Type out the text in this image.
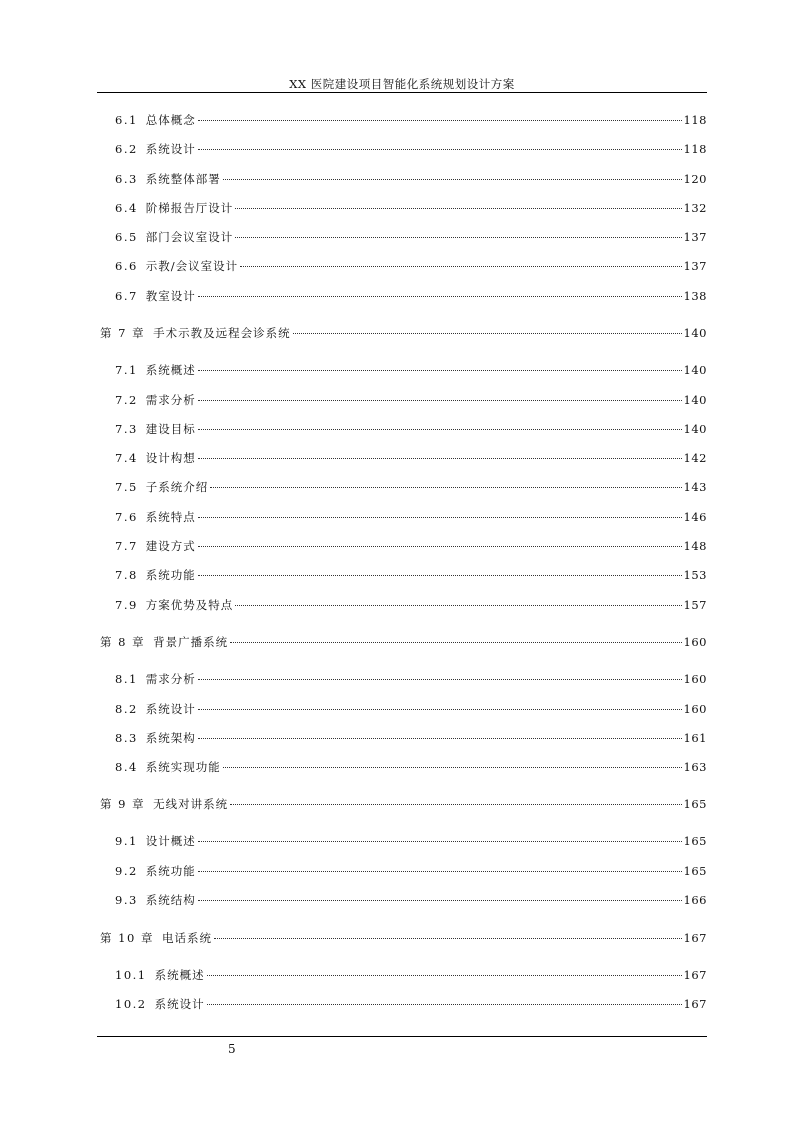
XX 医院建设项目智能化系统规划设计方案
6.1 总体概念	118
6.2 系统设计	118
6.3 系统整体部署	120
6.4 阶梯报告厅设计	132
6.5 部门会议室设计	137
6.6 示教/会议室设计	137
6.7 教室设计	138
第 7 章 手术示教及远程会诊系统	140
7.1 系统概述	140
7.2 需求分析	140
7.3 建设目标	140
7.4 设计构想	142
7.5 子系统介绍	143
7.6 系统特点	146
7.7 建设方式	148
7.8 系统功能	153
7.9 方案优势及特点	157
第 8 章 背景广播系统	160
8.1 需求分析	160
8.2 系统设计	160
8.3 系统架构	161
8.4 系统实现功能	163
第 9 章 无线对讲系统	165
9.1 设计概述	165
9.2 系统功能	165
9.3 系统结构	166
第 10 章 电话系统	167
10.1 系统概述	167
10.2 系统设计	167
5
